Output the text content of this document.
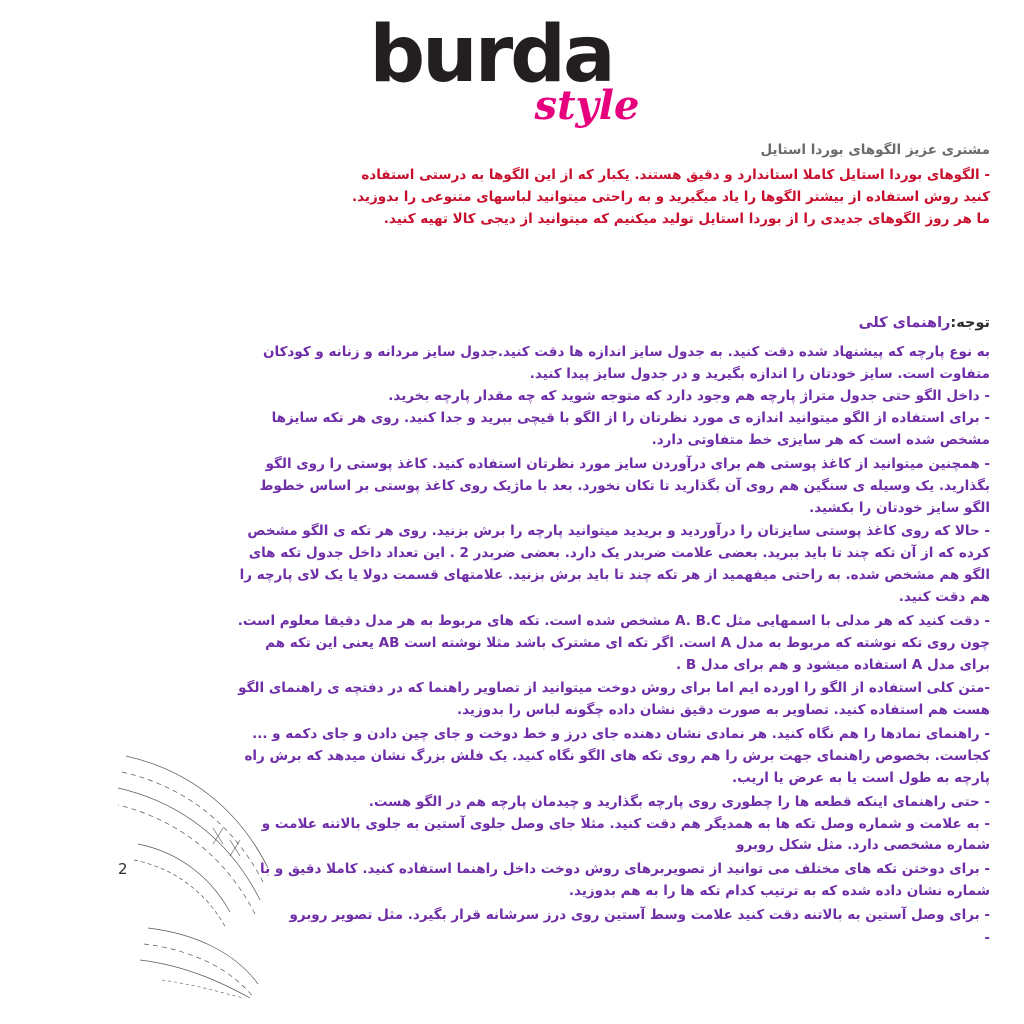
burda
style
مشتری عزیز الگوهای بوردا استایل
- الگوهای بوردا استایل کاملا استاندارد و دقیق هستند. یکبار که از این الگوها به درستی استفاده کنید روش استفاده از بیشتر الگوها را یاد میگیرید و به راحتی میتوانید لباسهای متنوعی را بدوزید. ما هر روز الگوهای جدیدی را از بوردا استایل تولید میکنیم که میتوانید از دیجی کالا تهیه کنید.
توجه:راهنمای کلی

به نوع پارچه که پیشنهاد شده دقت کنید. به جدول سایز اندازه ها دقت کنید.جدول سایز مردانه و زنانه و کودکان متفاوت است. سایز خودتان را اندازه بگیرید و در جدول سایز پیدا کنید.

- داخل الگو حتی جدول متراژ پارچه هم وجود دارد که متوجه شوید که چه مقدار پارچه بخرید.

- برای استفاده از الگو میتوانید اندازه ی مورد نظرتان را از الگو با قیچی ببرید و جدا کنید. روی هر تکه سایزها مشخص شده است که هر سایزی خط متفاوتی دارد.

- همچنین میتوانید از کاغذ پوستی هم برای درآوردن سایز مورد نظرتان استفاده کنید. کاغذ پوستی را روی الگو بگذارید. یک وسیله ی سنگین هم روی آن بگذارید تا تکان نخورد. بعد با ماژیک روی کاغذ پوستی بر اساس خطوط الگو سایز خودتان را بکشید.

- حالا که روی کاغذ پوستی سایزتان را درآوردید و بریدید میتوانید پارچه را برش بزنید. روی هر تکه ی الگو مشخص کرده که از آن تکه چند تا باید ببرید. بعضی علامت ضربدر یک دارد. بعضی ضربدر 2 . این تعداد داخل جدول تکه های الگو هم مشخص شده. به راحتی میفهمید از هر تکه چند تا باید برش بزنید. علامتهای قسمت دولا یا یک لای پارچه را هم دقت کنید.

- دقت کنید که هر مدلی با اسمهایی مثل A. B.C مشخص شده است. تکه های مربوط به هر مدل دقیقا معلوم است. چون روی تکه نوشته که مربوط به مدل A است. اگر تکه ای مشترک باشد مثلا نوشته است AB یعنی این تکه هم برای مدل A استفاده میشود و هم برای مدل B .

-متن کلی استفاده از الگو را اورده ایم اما برای روش دوخت میتوانید از تصاویر راهنما که در دفتچه ی راهنمای الگو هست هم استفاده کنید. تصاویر به صورت دقیق نشان داده چگونه لباس را بدوزید.

- راهنمای نمادها را هم نگاه کنید. هر نمادی نشان دهنده جای درز و خط دوخت و جای چین دادن و جای دکمه و ... کجاست. بخصوص راهنمای جهت برش را هم روی تکه های الگو نگاه کنید. یک فلش بزرگ نشان میدهد که برش راه پارچه به طول است یا به عرض یا اریب.

- حتی راهنمای اینکه قطعه ها را چطوری روی پارچه بگذارید و چیدمان پارچه هم در الگو هست.

- به علامت و شماره وصل تکه ها به همدیگر هم دقت کنید. مثلا جای وصل جلوی آستین به جلوی بالاتنه علامت و شماره مشخصی دارد. مثل شکل روبرو

- برای دوختن تکه های مختلف می توانید از تصویربرهای روش دوخت داخل راهنما استفاده کنید. کاملا دقیق و با شماره نشان داده شده که به ترتیب کدام تکه ها را به هم بدوزید.

- برای وصل آستین به بالاتنه دقت کنید علامت وسط آستین روی درز سرشانه قرار بگیرد. مثل تصویر روبرو

-
2
